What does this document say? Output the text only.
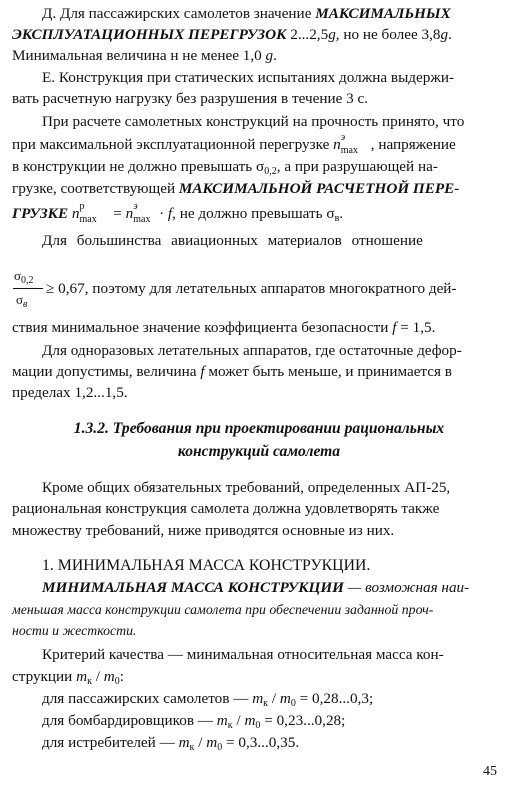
Д. Для пассажирских самолетов значение МАКСИМАЛЬНЫХ
ЭКСПЛУАТАЦИОННЫХ ПЕРЕГРУЗОК 2...2,5g, но не более 3,8g.
Минимальная величина н не менее 1,0 g.
Е. Конструкция при статических испытаниях должна выдержи-
вать расчетную нагрузку без разрушения в течение 3 с.
При расчете самолетных конструкций на прочность принято, что
при максимальной эксплуатационной перегрузке n э
max , напряжение
в конструкции не должно превышать $\sigma_{0,2}$, а при разрушающей на-
грузке, соответствующей МАКСИМАЛЬНОЙ РАСЧЕТНОЙ ПЕРЕ-
ГРУЗКЕ n p
max = n э
max · f, не должно превышать $\sigma_в$.
Для большинства авиационных материалов отношение
$\sigma_{0,2}$
$\sigma_в$
≥ 0,67, поэтому для летательных аппаратов многократного дей-
ствия минимальное значение коэффициента безопасности f = 1,5.
Для одноразовых летательных аппаратов, где остаточные дефор-
мации допустимы, величина f может быть меньше, и принимается в
пределах 1,2...1,5.
1.3.2. Требования при проектировании рациональных
конструкций самолета
Кроме общих обязательных требований, определенных АП-25,
рациональная конструкция самолета должна удовлетворять также
множеству требований, ниже приводятся основные из них.
1. МИНИМАЛЬНАЯ МАССА КОНСТРУКЦИИ.
МИНИМАЛЬНАЯ МАССА КОНСТРУКЦИИ — возможная наи-
меньшая масса конструкции самолета при обеспечении заданной проч-
ности и жесткости.
Критерий качества — минимальная относительная масса кон-
струкции $m_к / m_0$:
для пассажирских самолетов — $m_к / m_0 = 0,28...0,3$;
для бомбардировщиков — $m_к / m_0 = 0,23...0,28$;
для истребителей — $m_к / m_0 = 0,3...0,35$.
45
